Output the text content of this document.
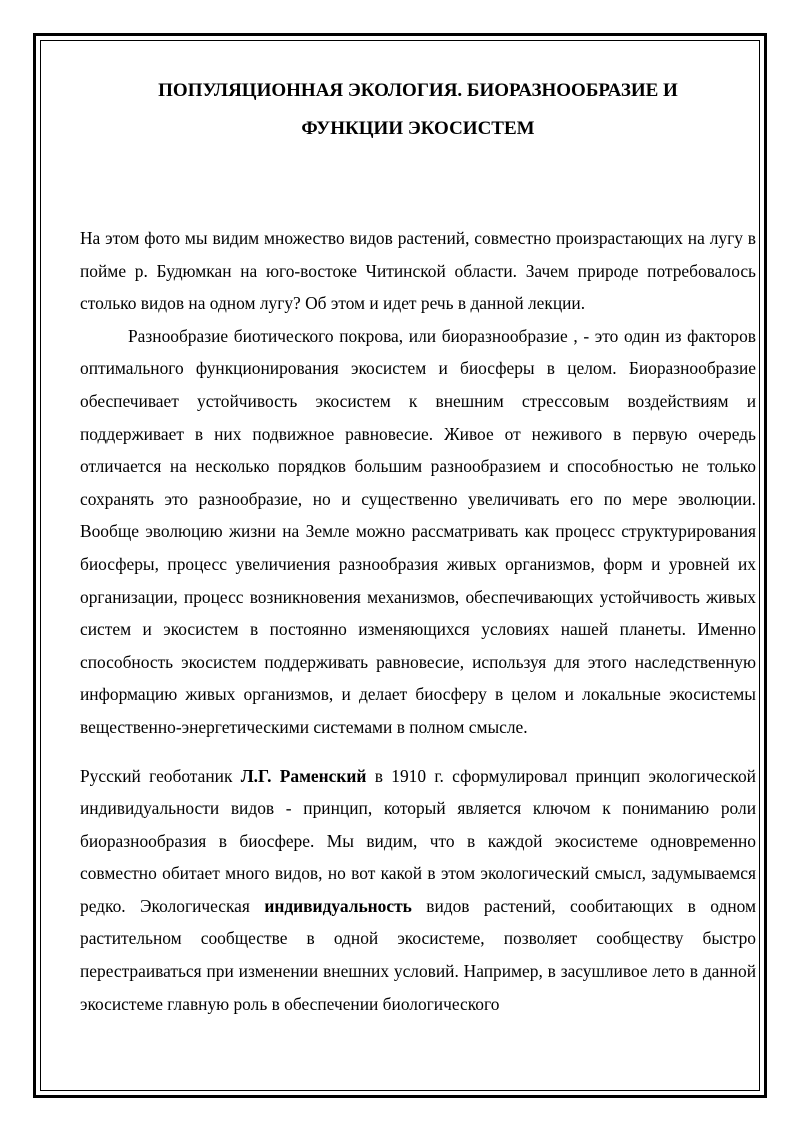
ПОПУЛЯЦИОННАЯ ЭКОЛОГИЯ. БИОРАЗНООБРАЗИЕ И
ФУНКЦИИ ЭКОСИСТЕМ

На этом фото мы видим множество видов растений, совместно произрастающих на лугу в пойме р. Будюмкан на юго-востоке Читинской области. Зачем природе потребовалось столько видов на одном лугу? Об этом и идет речь в данной лекции.

Разнообразие биотического покрова, или биоразнообразие , - это один из факторов оптимального функционирования экосистем и биосферы в целом. Биоразнообразие обеспечивает устойчивость экосистем к внешним стрессовым воздействиям и поддерживает в них подвижное равновесие. Живое от неживого в первую очередь отличается на несколько порядков большим разнообразием и способностью не только сохранять это разнообразие, но и существенно увеличивать его по мере эволюции. Вообще эволюцию жизни на Земле можно рассматривать как процесс структурирования биосферы, процесс увеличиения разнообразия живых организмов, форм и уровней их организации, процесс возникновения механизмов, обеспечивающих устойчивость живых систем и экосистем в постоянно изменяющихся условиях нашей планеты. Именно способность экосистем поддерживать равновесие, используя для этого наследственную информацию живых организмов, и делает биосферу в целом и локальные экосистемы вещественно-энергетическими системами в полном смысле.

Русский геоботаник Л.Г. Раменский в 1910 г. сформулировал принцип экологической индивидуальности видов - принцип, который является ключом к пониманию роли биоразнообразия в биосфере. Мы видим, что в каждой экосистеме одновременно совместно обитает много видов, но вот какой в этом экологический смысл, задумываемся редко. Экологическая индивидуальность видов растений, сообитающих в одном растительном сообществе в одной экосистеме, позволяет сообществу быстро перестраиваться при изменении внешних условий. Например, в засушливое лето в данной экосистеме главную роль в обеспечении биологического
